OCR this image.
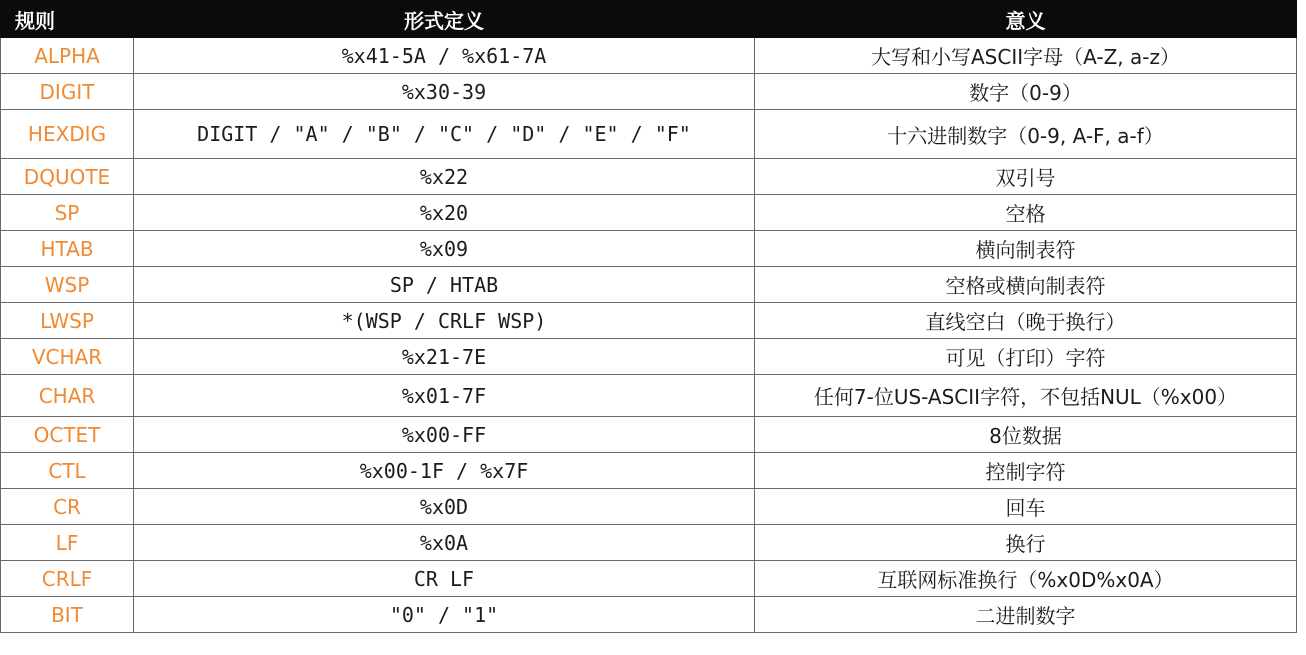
规则	形式定义	意义
ALPHA	%x41-5A / %x61-7A	大写和小写ASCII字母（A-Z, a-z）
DIGIT	%x30-39	数字（0-9）
HEXDIG	DIGIT / "A" / "B" / "C" / "D" / "E" / "F"	十六进制数字（0-9, A-F, a-f）
DQUOTE	%x22	双引号
SP	%x20	空格
HTAB	%x09	横向制表符
WSP	SP / HTAB	空格或横向制表符
LWSP	*(WSP / CRLF WSP)	直线空白（晚于换行）
VCHAR	%x21-7E	可见（打印）字符
CHAR	%x01-7F	任何7-位US-ASCII字符，不包括NUL（%x00）
OCTET	%x00-FF	8位数据
CTL	%x00-1F / %x7F	控制字符
CR	%x0D	回车
LF	%x0A	换行
CRLF	CR LF	互联网标准换行（%x0D%x0A）
BIT	"0" / "1"	二进制数字
